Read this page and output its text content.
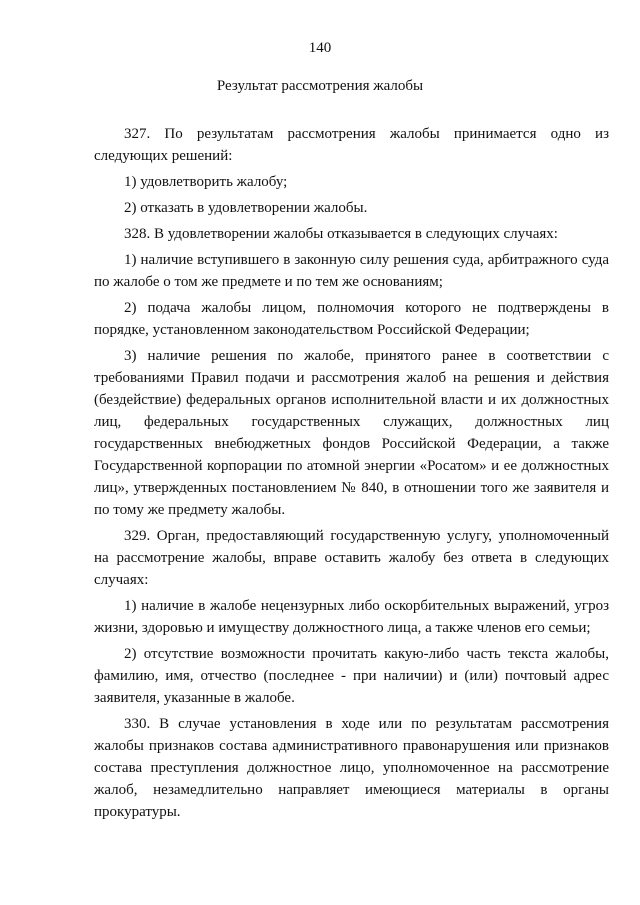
140
Результат рассмотрения жалобы

327. По результатам рассмотрения жалобы принимается одно из следующих решений:

1) удовлетворить жалобу;

2) отказать в удовлетворении жалобы.

328. В удовлетворении жалобы отказывается в следующих случаях:

1) наличие вступившего в законную силу решения суда, арбитражного суда по жалобе о том же предмете и по тем же основаниям;

2) подача жалобы лицом, полномочия которого не подтверждены в порядке, установленном законодательством Российской Федерации;

3) наличие решения по жалобе, принятого ранее в соответствии с требованиями Правил подачи и рассмотрения жалоб на решения и действия (бездействие) федеральных органов исполнительной власти и их должностных лиц, федеральных государственных служащих, должностных лиц государственных внебюджетных фондов Российской Федерации, а также Государственной корпорации по атомной энергии «Росатом» и ее должностных лиц», утвержденных постановлением № 840, в отношении того же заявителя и по тому же предмету жалобы.

329. Орган, предоставляющий государственную услугу, уполномоченный на рассмотрение жалобы, вправе оставить жалобу без ответа в следующих случаях:

1) наличие в жалобе нецензурных либо оскорбительных выражений, угроз жизни, здоровью и имуществу должностного лица, а также членов его семьи;

2) отсутствие возможности прочитать какую-либо часть текста жалобы, фамилию, имя, отчество (последнее - при наличии) и (или) почтовый адрес заявителя, указанные в жалобе.

330. В случае установления в ходе или по результатам рассмотрения жалобы признаков состава административного правонарушения или признаков состава преступления должностное лицо, уполномоченное на рассмотрение жалоб, незамедлительно направляет имеющиеся материалы в органы прокуратуры.
